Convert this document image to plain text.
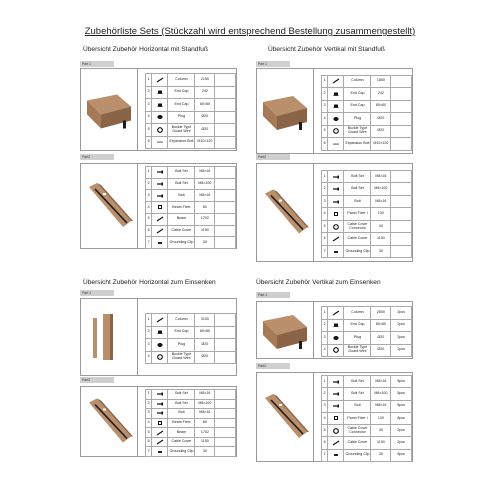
Zubehörliste Sets (Stückzahl wird entsprechend Bestellung zusammengestellt)
Übersicht Zubehör Horizontal mit Standfuß
Part 1
1		Column	2150	
2		End Cap	242	
3		End Cap	80×80	
4		Plug	Ø20	
5		Buckle Type Guard Wire	Ø20	
6		Expansion Bolt	M10×120	
Part2
1		Bolt Set	M8×16	
2		Bolt Set	M8×100	
3		Bolt	M8×16	
4		Beam Fixer	60	
5		Beam	1702	
6		Cable Cover	1150	
7		Grounding Clip	30	
Übersicht Zubehör Vertikal mit Standfuß
Part 1
1		Column	1850	
2		End Cap	242	
3		End Cap	80×80	
4		Plug	Ø20	
5		Buckle Type Guard Wire	Ø20	
6		Expansion Bolt	M10×120	
Part2
1		Bolt Set	M8×16	
2		Bolt Set	M8×100	
3		Bolt	M8×16	
4		Panel Fixer I	130	
5		Cable Cover Connector	40	
6		Cable Cover	1150	
7		Grounding Clip	30	
Übersicht Zubehör Horizontal zum Einsenken
Part 1
1		Column	3100	
2		End Cap	80×80	
3		Plug	Ø20	
4		Buckle Type Guard Wire	Ø20	
Part2
1		Bolt Set	M8×16	
2		Bolt Set	M8×100	
3		Bolt	M8×16	
4		Beam Fixer	60	
5		Beam	1702	
6		Cable Cover	1150	
7		Grounding Clip	30	
Übersicht Zubehör Vertikal zum Einsenken
Part 1
1		Column	2650	2pcs
2		End Cap	80×80	2pcs
3		Plug	Ø20	2pcs
4		Buckle Type Guard Wire	Ø20	2pcs
Part2
1		Bolt Set	M8×16	8pcs
2		Bolt Set	M8×100	8pcs
3		Bolt	M8×16	8pcs
4		Panel Fixer I	130	8pcs
5		Cable Cover Connector	40	2pcs
6		Cable Cover	1150	2pcs
7		Grounding Clip	30	8pcs
